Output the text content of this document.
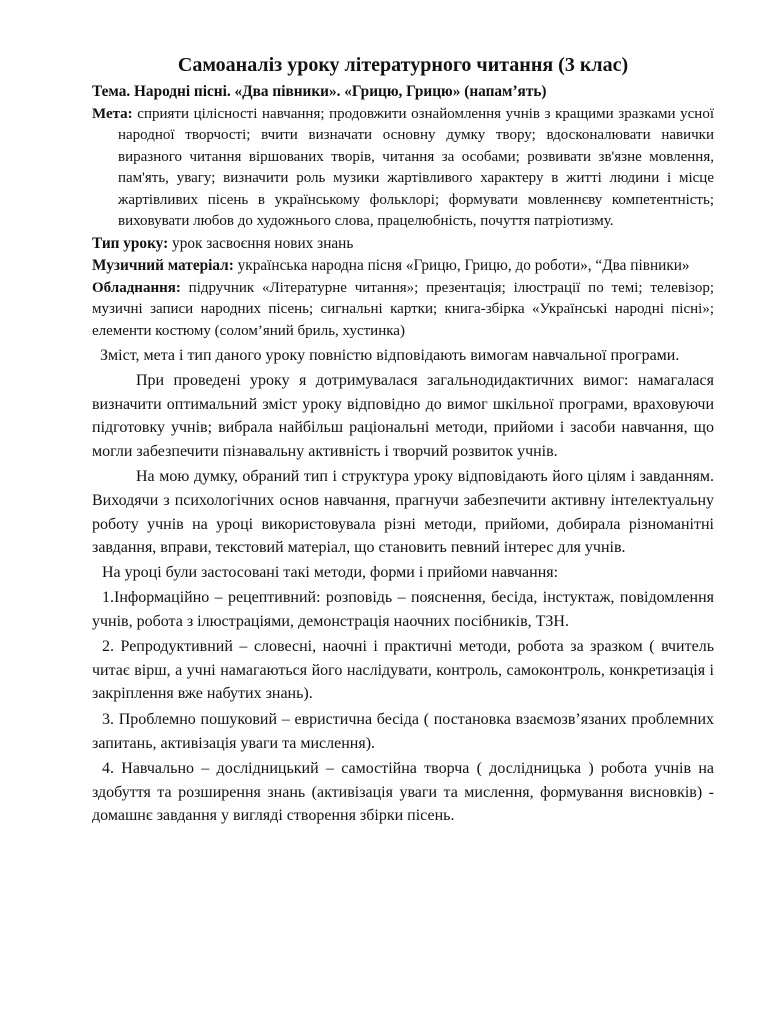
Самоаналіз уроку літературного читання (3 клас)

Тема. Народні пісні. «Два півники». «Грицю, Грицю» (напам’ять)

Мета: сприяти цілісності навчання; продовжити ознайомлення учнів з кращими зразками усної народної творчості; вчити визначати основну думку твору; вдосконалювати навички виразного читання віршованих творів, читання за особами; розвивати зв'язне мовлення, пам'ять, увагу; визначити роль музики жартівливого характеру в житті людини і місце жартівливих пісень в українському фольклорі; формувати мовленнєву компетентність; виховувати любов до художнього слова, працелюбність, почуття патріотизму.

Тип уроку: урок засвоєння нових знань

Музичний матеріал: українська народна пісня «Грицю, Грицю, до роботи», “Два півники»

Обладнання: підручник «Літературне читання»; презентація; ілюстрації по темі; телевізор; музичні записи народних пісень; сигнальні картки; книга-збірка «Українські народні пісні»; елементи костюму (солом’яний бриль, хустинка)

Зміст, мета і тип даного уроку повністю відповідають вимогам навчальної програми.

При проведені уроку я дотримувалася загальнодидактичних вимог: намагалася визначити оптимальний зміст уроку відповідно до вимог шкільної програми, враховуючи підготовку учнів; вибрала найбільш раціональні методи, прийоми і засоби навчання, що могли забезпечити пізнавальну активність і творчий розвиток учнів.

На мою думку, обраний тип і структура уроку відповідають його цілям і завданням. Виходячи з психологічних основ навчання, прагнучи забезпечити активну інтелектуальну роботу учнів на уроці використовувала різні методи, прийоми, добирала різноманітні завдання, вправи, текстовий матеріал, що становить певний інтерес для учнів.

На уроці були застосовані такі методи, форми і прийоми навчання:

1.Інформаційно – рецептивний: розповідь – пояснення, бесіда, інстуктаж, повідомлення учнів, робота з ілюстраціями, демонстрація наочних посібників, ТЗН.

2. Репродуктивний – словесні, наочні і практичні методи, робота за зразком ( вчитель читає вірш, а учні намагаються його наслідувати, контроль, самоконтроль, конкретизація і закріплення вже набутих знань).

3. Проблемно пошуковий – евристична бесіда ( постановка взаємозв’язаних проблемних запитань, активізація уваги та мислення).

4. Навчально – дослідницький – самостійна творча ( дослідницька ) робота учнів на здобуття та розширення знань (активізація уваги та мислення, формування висновків) - домашнє завдання у вигляді створення збірки пісень.
